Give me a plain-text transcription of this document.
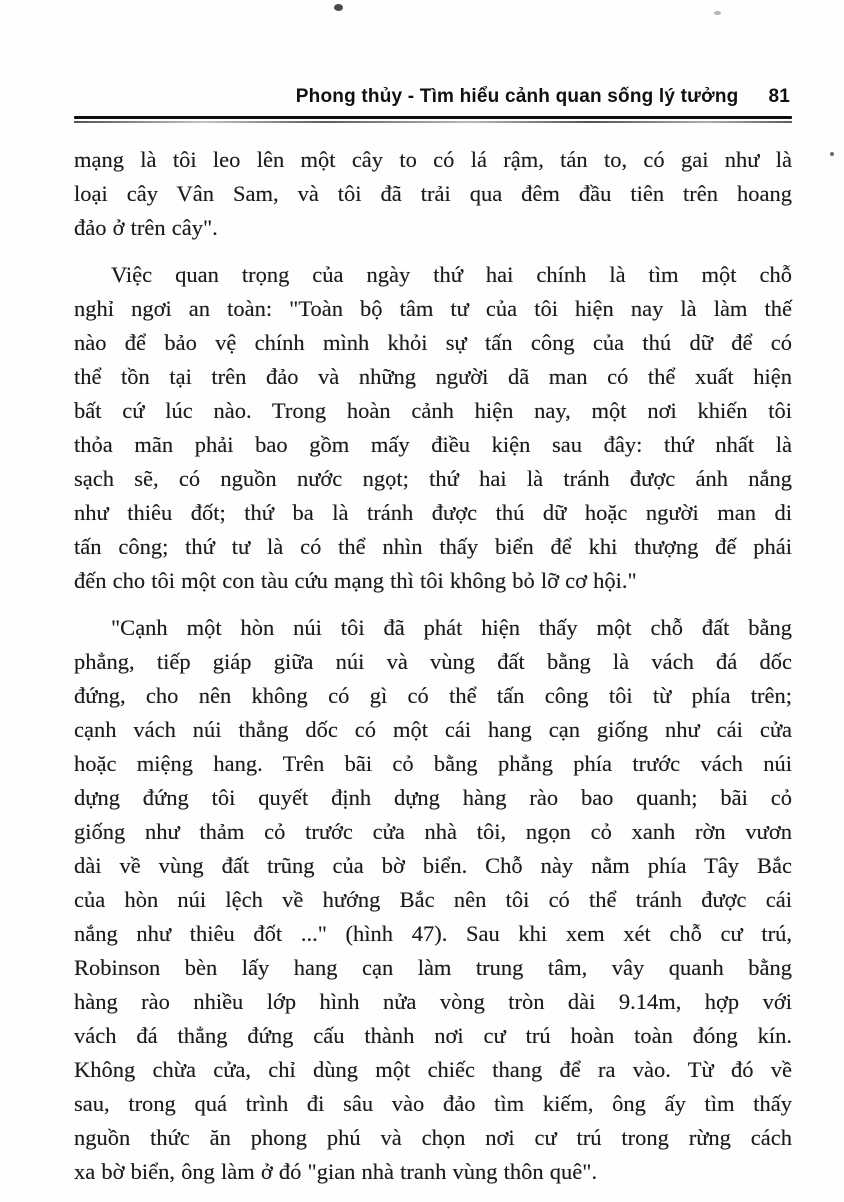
Phong thủy - Tìm hiểu cảnh quan sống lý tưởng 81
mạng là tôi leo lên một cây to có lá rậm, tán to, có gai như là
loại cây Vân Sam, và tôi đã trải qua đêm đầu tiên trên hoang
đảo ở trên cây".
Việc quan trọng của ngày thứ hai chính là tìm một chỗ
nghỉ ngơi an toàn: "Toàn bộ tâm tư của tôi hiện nay là làm thế
nào để bảo vệ chính mình khỏi sự tấn công của thú dữ để có
thể tồn tại trên đảo và những người dã man có thể xuất hiện
bất cứ lúc nào. Trong hoàn cảnh hiện nay, một nơi khiến tôi
thỏa mãn phải bao gồm mấy điều kiện sau đây: thứ nhất là
sạch sẽ, có nguồn nước ngọt; thứ hai là tránh được ánh nắng
như thiêu đốt; thứ ba là tránh được thú dữ hoặc người man di
tấn công; thứ tư là có thể nhìn thấy biển để khi thượng đế phái
đến cho tôi một con tàu cứu mạng thì tôi không bỏ lỡ cơ hội."
"Cạnh một hòn núi tôi đã phát hiện thấy một chỗ đất bằng
phẳng, tiếp giáp giữa núi và vùng đất bằng là vách đá dốc
đứng, cho nên không có gì có thể tấn công tôi từ phía trên;
cạnh vách núi thẳng dốc có một cái hang cạn giống như cái cửa
hoặc miệng hang. Trên bãi cỏ bằng phẳng phía trước vách núi
dựng đứng tôi quyết định dựng hàng rào bao quanh; bãi cỏ
giống như thảm cỏ trước cửa nhà tôi, ngọn cỏ xanh rờn vươn
dài về vùng đất trũng của bờ biển. Chỗ này nằm phía Tây Bắc
của hòn núi lệch về hướng Bắc nên tôi có thể tránh được cái
nắng như thiêu đốt ..." (hình 47). Sau khi xem xét chỗ cư trú,
Robinson bèn lấy hang cạn làm trung tâm, vây quanh bằng
hàng rào nhiều lớp hình nửa vòng tròn dài 9.14m, hợp với
vách đá thẳng đứng cấu thành nơi cư trú hoàn toàn đóng kín.
Không chừa cửa, chỉ dùng một chiếc thang để ra vào. Từ đó về
sau, trong quá trình đi sâu vào đảo tìm kiếm, ông ấy tìm thấy
nguồn thức ăn phong phú và chọn nơi cư trú trong rừng cách
xa bờ biển, ông làm ở đó "gian nhà tranh vùng thôn quê".
